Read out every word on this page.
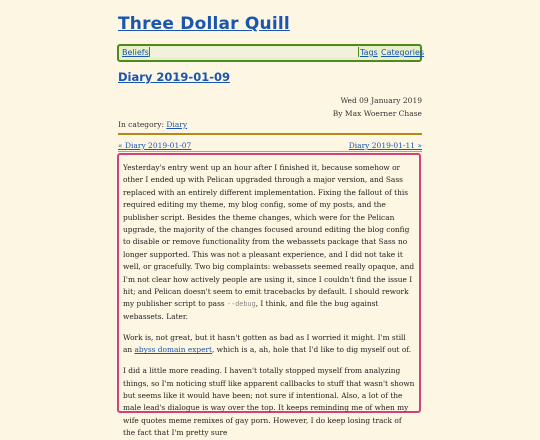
Three Dollar Quill
Beliefs	Tags Categories
Diary 2019-01-09
Wed 09 January 2019
By Max Woerner Chase
In category: Diary
« Diary 2019-01-07	Diary 2019-01-11 »

Yesterday's entry went up an hour after I finished it, because somehow or other I ended up with Pelican upgraded through a major version, and Sass replaced with an entirely different implementation. Fixing the fallout of this required editing my theme, my blog config, some of my posts, and the publisher script. Besides the theme changes, which were for the Pelican upgrade, the majority of the changes focused around editing the blog config to disable or remove functionality from the webassets package that Sass no longer supported. This was not a pleasant experience, and I did not take it well, or gracefully. Two big complaints: webassets seemed really opaque, and I'm not clear how actively people are using it, since I couldn't find the issue I hit; and Pelican doesn't seem to emit tracebacks by default. I should rework my publisher script to pass --debug, I think, and file the bug against webassets. Later.

Work is, not great, but it hasn't gotten as bad as I worried it might. I'm still an abyss domain expert, which is a, ah, hole that I'd like to dig myself out of.

I did a little more reading. I haven't totally stopped myself from analyzing things, so I'm noticing stuff like apparent callbacks to stuff that wasn't shown but seems like it would have been; not sure if intentional. Also, a lot of the male lead's dialogue is way over the top. It keeps reminding me of when my wife quotes meme remixes of gay porn. However, I do keep losing track of the fact that I'm pretty sure
